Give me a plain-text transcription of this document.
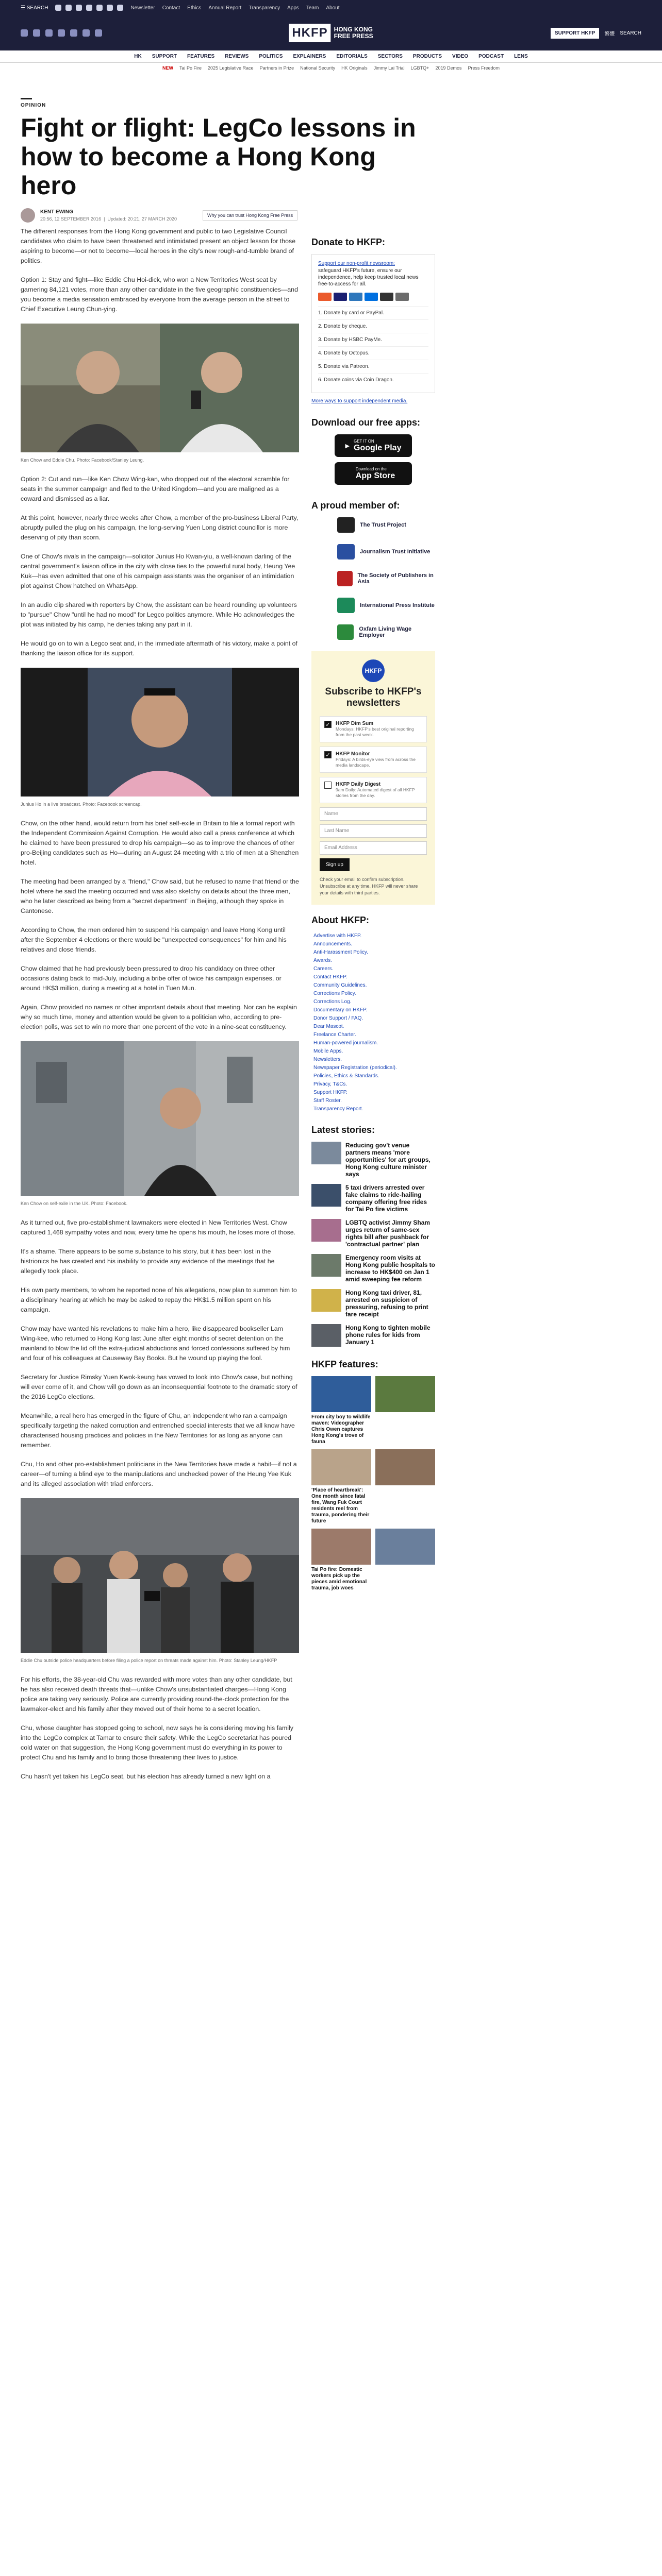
☰ SEARCH	Newsletter Contact Ethics Annual Report Transparency Apps Team About
HKFP	HONG KONG
FREE PRESS	SUPPORT HKFP	繁體 SEARCH
HK SUPPORT FEATURES REVIEWS POLITICS EXPLAINERS EDITORIALS SECTORS PRODUCTS VIDEO PODCAST LENS
NEW Tai Po Fire 2025 Legislative Race Partners in Prize National Security HK Originals Jimmy Lai Trial LGBTQ+ 2019 Demos Press Freedom
OPINION
Fight or flight: LegCo lessons in how to become a Hong Kong hero
KENT EWING
20:56, 12 SEPTEMBER 2016  |  Updated: 20:21, 27 MARCH 2020
Why you can trust Hong Kong Free Press

The different responses from the Hong Kong government and public to two Legislative Council candidates who claim to have been threatened and intimidated present an object lesson for those aspiring to become—or not to become—local heroes in the city's new rough-and-tumble brand of politics.

Option 1: Stay and fight—like Eddie Chu Hoi-dick, who won a New Territories West seat by garnering 84,121 votes, more than any other candidate in the five geographic constituencies—and you become a media sensation embraced by everyone from the average person in the street to Chief Executive Leung Chun-ying.

Ken Chow and Eddie Chu. Photo: Facebook/Stanley Leung.

Option 2: Cut and run—like Ken Chow Wing-kan, who dropped out of the electoral scramble for seats in the summer campaign and fled to the United Kingdom—and you are maligned as a coward and dismissed as a liar.

At this point, however, nearly three weeks after Chow, a member of the pro-business Liberal Party, abruptly pulled the plug on his campaign, the long-serving Yuen Long district councillor is more deserving of pity than scorn.

One of Chow's rivals in the campaign—solicitor Junius Ho Kwan-yiu, a well-known darling of the central government's liaison office in the city with close ties to the powerful rural body, Heung Yee Kuk—has even admitted that one of his campaign assistants was the organiser of an intimidation plot against Chow hatched on WhatsApp.

In an audio clip shared with reporters by Chow, the assistant can be heard rounding up volunteers to "pursue" Chow "until he had no mood" for Legco politics anymore. While Ho acknowledges the plot was initiated by his camp, he denies taking any part in it.

He would go on to win a Legco seat and, in the immediate aftermath of his victory, make a point of thanking the liaison office for its support.

Junius Ho in a live broadcast. Photo: Facebook screencap.

Chow, on the other hand, would return from his brief self-exile in Britain to file a formal report with the Independent Commission Against Corruption. He would also call a press conference at which he claimed to have been pressured to drop his campaign—so as to improve the chances of other pro-Beijing candidates such as Ho—during an August 24 meeting with a trio of men at a Shenzhen hotel.

The meeting had been arranged by a "friend," Chow said, but he refused to name that friend or the hotel where he said the meeting occurred and was also sketchy on details about the three men, who he later described as being from a "secret department" in Beijing, although they spoke in Cantonese.

According to Chow, the men ordered him to suspend his campaign and leave Hong Kong until after the September 4 elections or there would be "unexpected consequences" for him and his relatives and close friends.

Chow claimed that he had previously been pressured to drop his candidacy on three other occasions dating back to mid-July, including a bribe offer of twice his campaign expenses, or around HK$3 million, during a meeting at a hotel in Tuen Mun.

Again, Chow provided no names or other important details about that meeting. Nor can he explain why so much time, money and attention would be given to a politician who, according to pre-election polls, was set to win no more than one percent of the vote in a nine-seat constituency.

Ken Chow on self-exile in the UK. Photo: Facebook.

As it turned out, five pro-establishment lawmakers were elected in New Territories West. Chow captured 1,468 sympathy votes and now, every time he opens his mouth, he loses more of those.

It's a shame. There appears to be some substance to his story, but it has been lost in the histrionics he has created and his inability to provide any evidence of the meetings that he allegedly took place.

His own party members, to whom he reported none of his allegations, now plan to summon him to a disciplinary hearing at which he may be asked to repay the HK$1.5 million spent on his campaign.

Chow may have wanted his revelations to make him a hero, like disappeared bookseller Lam Wing-kee, who returned to Hong Kong last June after eight months of secret detention on the mainland to blow the lid off the extra-judicial abductions and forced confessions suffered by him and four of his colleagues at Causeway Bay Books. But he wound up playing the fool.

Secretary for Justice Rimsky Yuen Kwok-keung has vowed to look into Chow's case, but nothing will ever come of it, and Chow will go down as an inconsequential footnote to the dramatic story of the 2016 LegCo elections.

Meanwhile, a real hero has emerged in the figure of Chu, an independent who ran a campaign specifically targeting the naked corruption and entrenched special interests that we all know have characterised housing practices and policies in the New Territories for as long as anyone can remember.

Chu, Ho and other pro-establishment politicians in the New Territories have made a habit—if not a career—of turning a blind eye to the manipulations and unchecked power of the Heung Yee Kuk and its alleged association with triad enforcers.

Eddie Chu outside police headquarters before filing a police report on threats made against him. Photo: Stanley Leung/HKFP

For his efforts, the 38-year-old Chu was rewarded with more votes than any other candidate, but he has also received death threats that—unlike Chow's unsubstantiated charges—Hong Kong police are taking very seriously. Police are currently providing round-the-clock protection for the lawmaker-elect and his family after they moved out of their home to a secret location.

Chu, whose daughter has stopped going to school, now says he is considering moving his family into the LegCo complex at Tamar to ensure their safety. While the LegCo secretariat has poured cold water on that suggestion, the Hong Kong government must do everything in its power to protect Chu and his family and to bring those threatening their lives to justice.

Chu hasn't yet taken his LegCo seat, but his election has already turned a new light on a

Donate to HKFP:
Support our non-profit newsroom:
safeguard HKFP's future, ensure our independence, help keep trusted local news free-to-access for all.
1. Donate by card or PayPal.
2. Donate by cheque.
3. Donate by HSBC PayMe.
4. Donate by Octopus.
5. Donate via Patreon.
6. Donate coins via Coin Dragon.
More ways to support independent media.
Download our free apps:
▶
GET IT ON
Google Play
Download on the
App Store
A proud member of:
The Trust Project
Journalism Trust Initiative
The Society of Publishers in Asia
International Press Institute
Oxfam Living Wage Employer
HKFP
Subscribe to HKFP's newsletters
✓ HKFP Dim Sum
Mondays: HKFP's best original reporting from the past week.
✓ HKFP Monitor
Fridays: A birds-eye view from across the media landscape.
HKFP Daily Digest
9am Daily: Automated digest of all HKFP stories from the day.
Name
Last Name
Email Address
Sign up
Check your email to confirm subscription. Unsubscribe at any time. HKFP will never share your details with third parties.
About HKFP:
Advertise with HKFP.
Announcements.
Anti-Harassment Policy.
Awards.
Careers.
Contact HKFP.
Community Guidelines.
Corrections Policy.
Corrections Log.
Documentary on HKFP.
Donor Support / FAQ.
Dear Mascot.
Freelance Charter.
Human-powered journalism.
Mobile Apps.
Newsletters.
Newspaper Registration (periodical).
Policies, Ethics & Standards.
Privacy, T&Cs.
Support HKFP.
Staff Roster.
Transparency Report.
Latest stories:
Reducing gov't venue partners means 'more opportunities' for art groups, Hong Kong culture minister says
5 taxi drivers arrested over fake claims to ride-hailing company offering free rides for Tai Po fire victims
LGBTQ activist Jimmy Sham urges return of same-sex rights bill after pushback for 'contractual partner' plan
Emergency room visits at Hong Kong public hospitals to increase to HK$400 on Jan 1 amid sweeping fee reform
Hong Kong taxi driver, 81, arrested on suspicion of pressuring, refusing to print fare receipt
Hong Kong to tighten mobile phone rules for kids from January 1
HKFP features:
From city boy to wildlife maven: Videographer Chris Owen captures Hong Kong's trove of fauna
'Place of heartbreak': One month since fatal fire, Wang Fuk Court residents reel from trauma, pondering their future
Tai Po fire: Domestic workers pick up the pieces amid emotional trauma, job woes
